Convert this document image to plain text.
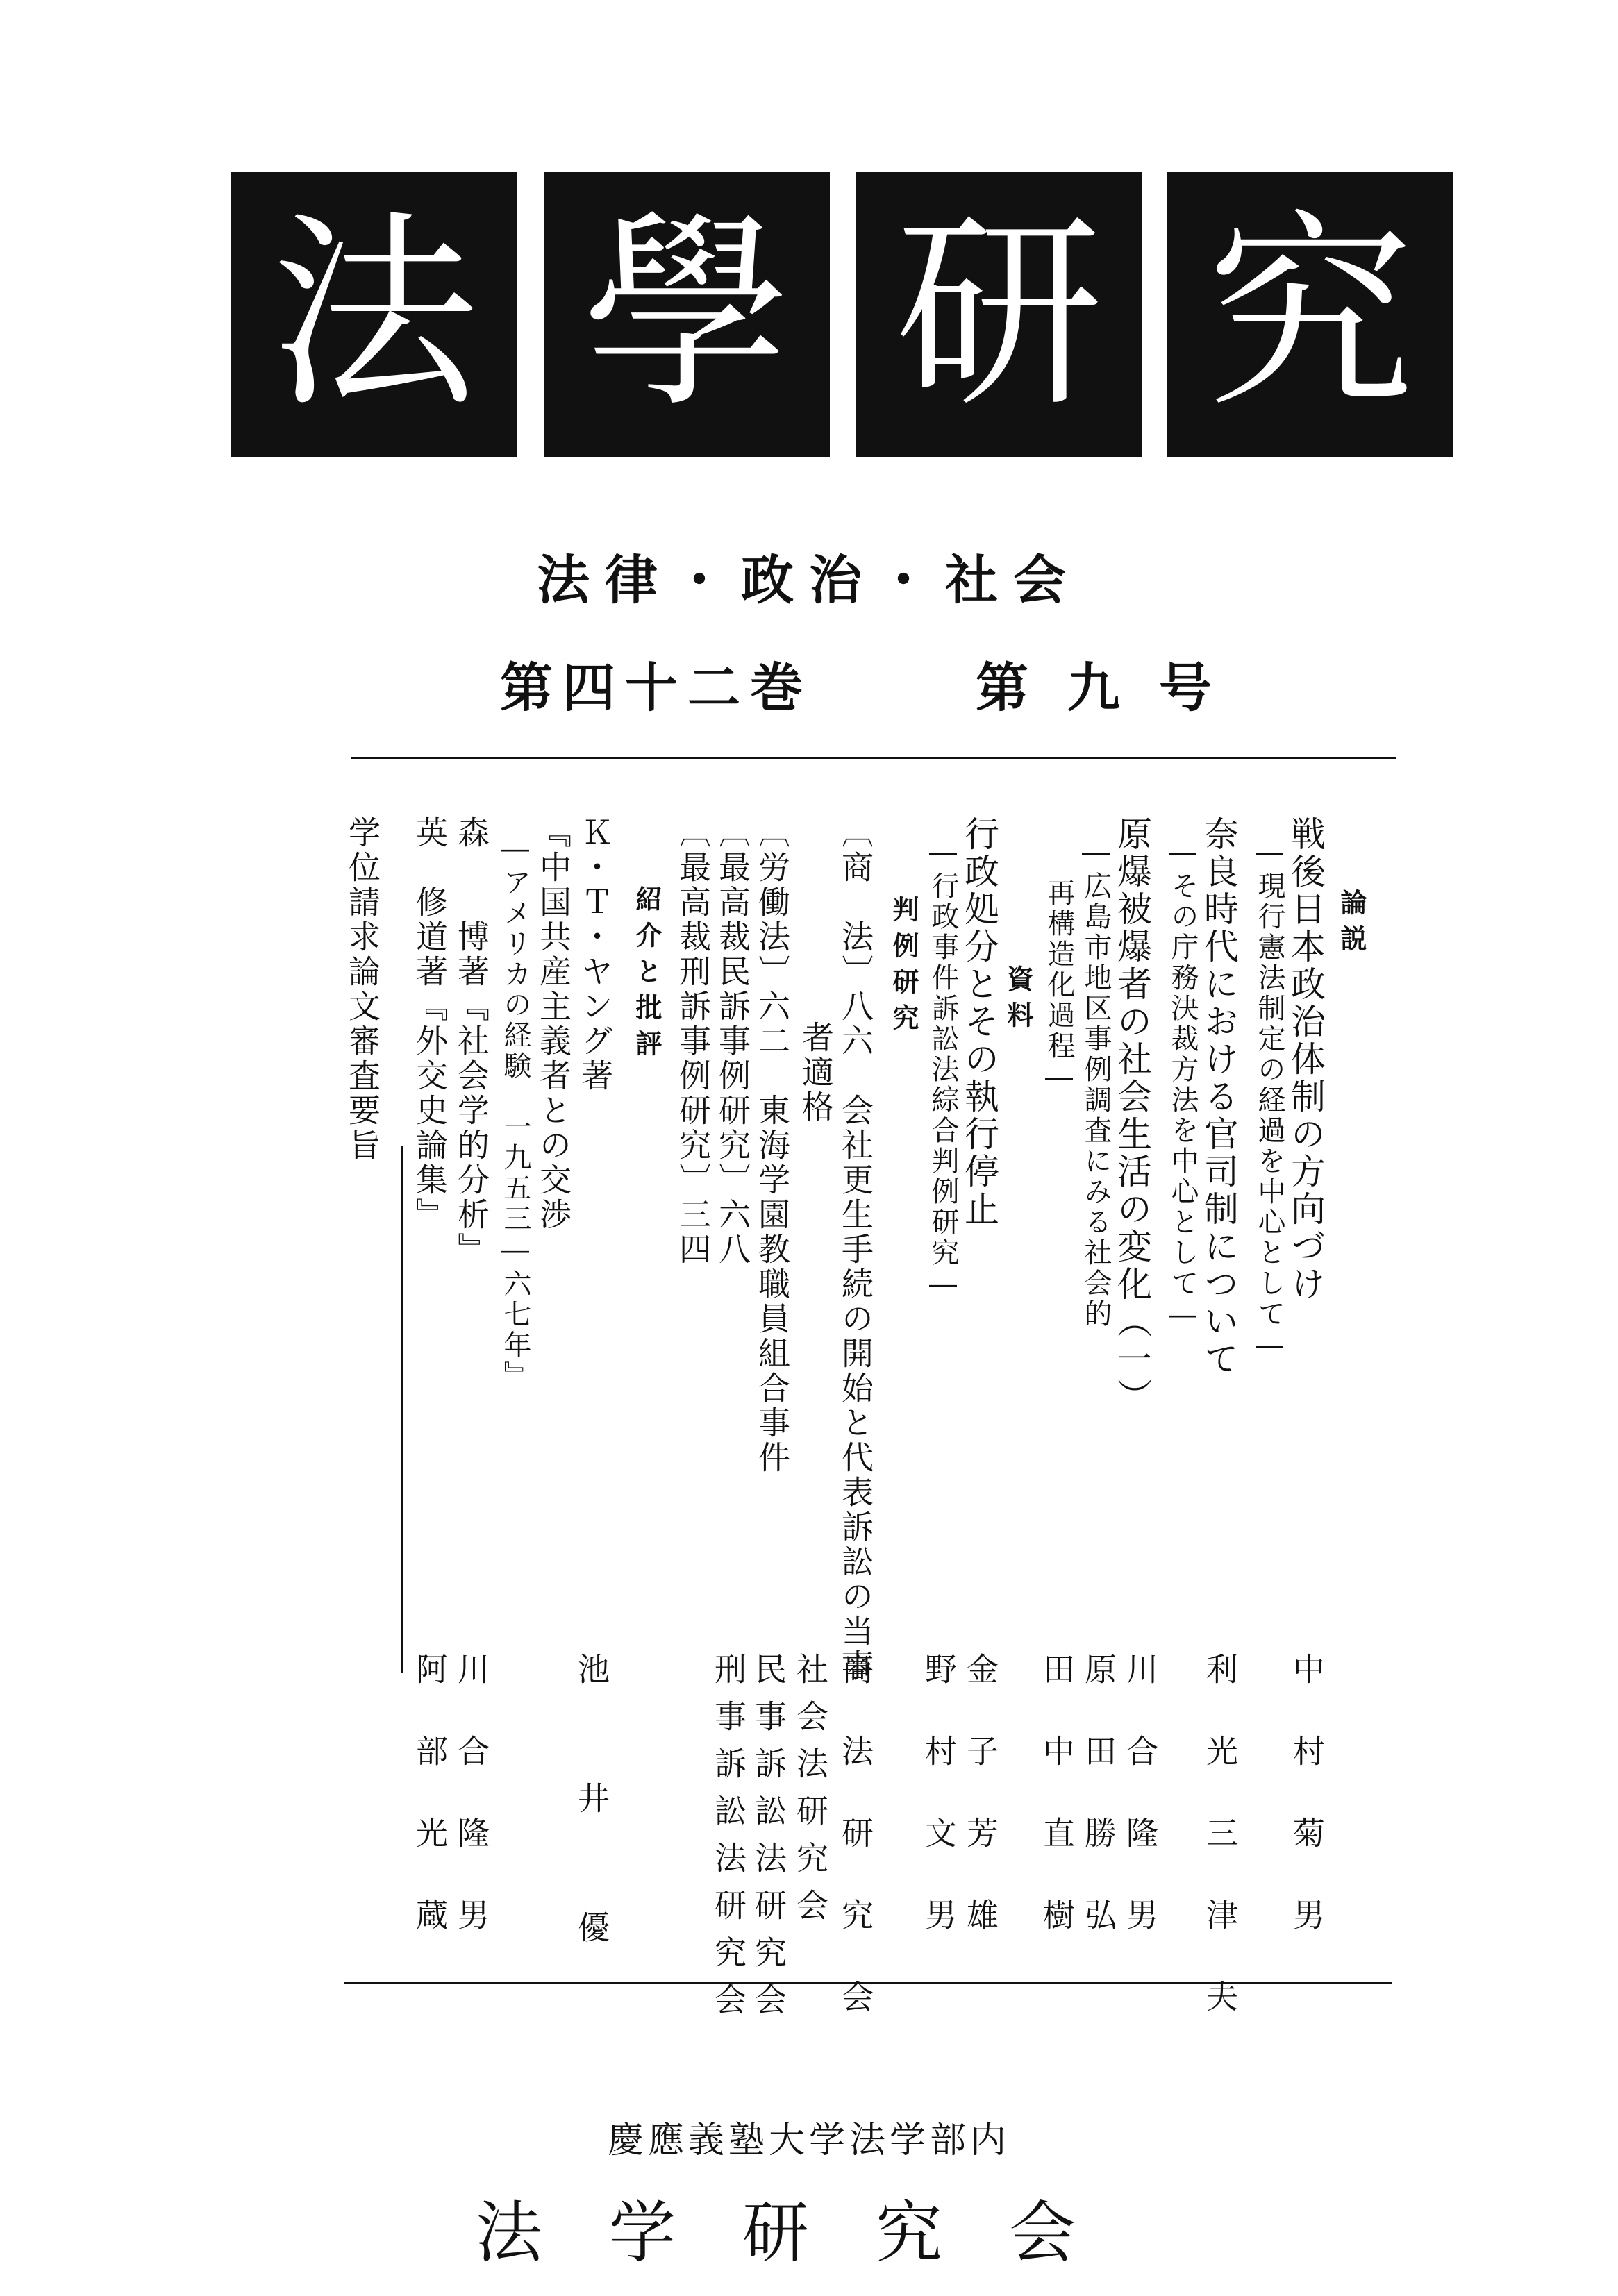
法 學 研 究
法律・政治・社会
第四十二巻	第九号
論説
戦後日本政治体制の方向づけ
―現行憲法制定の経過を中心として―
奈良時代における官司制について
―その庁務決裁方法を中心として―
原爆被爆者の社会生活の変化（一）
―広島市地区事例調査にみる社会的
再構造化過程―
資料
行政処分とその執行停止
―行政事件訴訟法綜合判例研究―
判例研究
〔商　法〕八六　会社更生手続の開始と代表訴訟の当事
者適格
〔労働法〕六二　東海学園教職員組合事件
〔最高裁民訴事例研究〕六八
〔最高裁刑訴事例研究〕三四
紹介と批評
Ｋ・Ｔ・ヤング著
『中国共産主義者との交渉
―アメリカの経験　一九五三―六七年』
森　　博著『社会学的分析』
英　修道著『外交史論集』
学位請求論文審査要旨
中村菊男
利光三津夫
川合隆男
原田勝弘
田中直樹
金子芳雄
野村文男
商法研究会
社会法研究会
民事訴訟法研究会
刑事訴訟法研究会
池井優
川合隆男
阿部光蔵
慶應義塾大学法学部内
法学研究会
